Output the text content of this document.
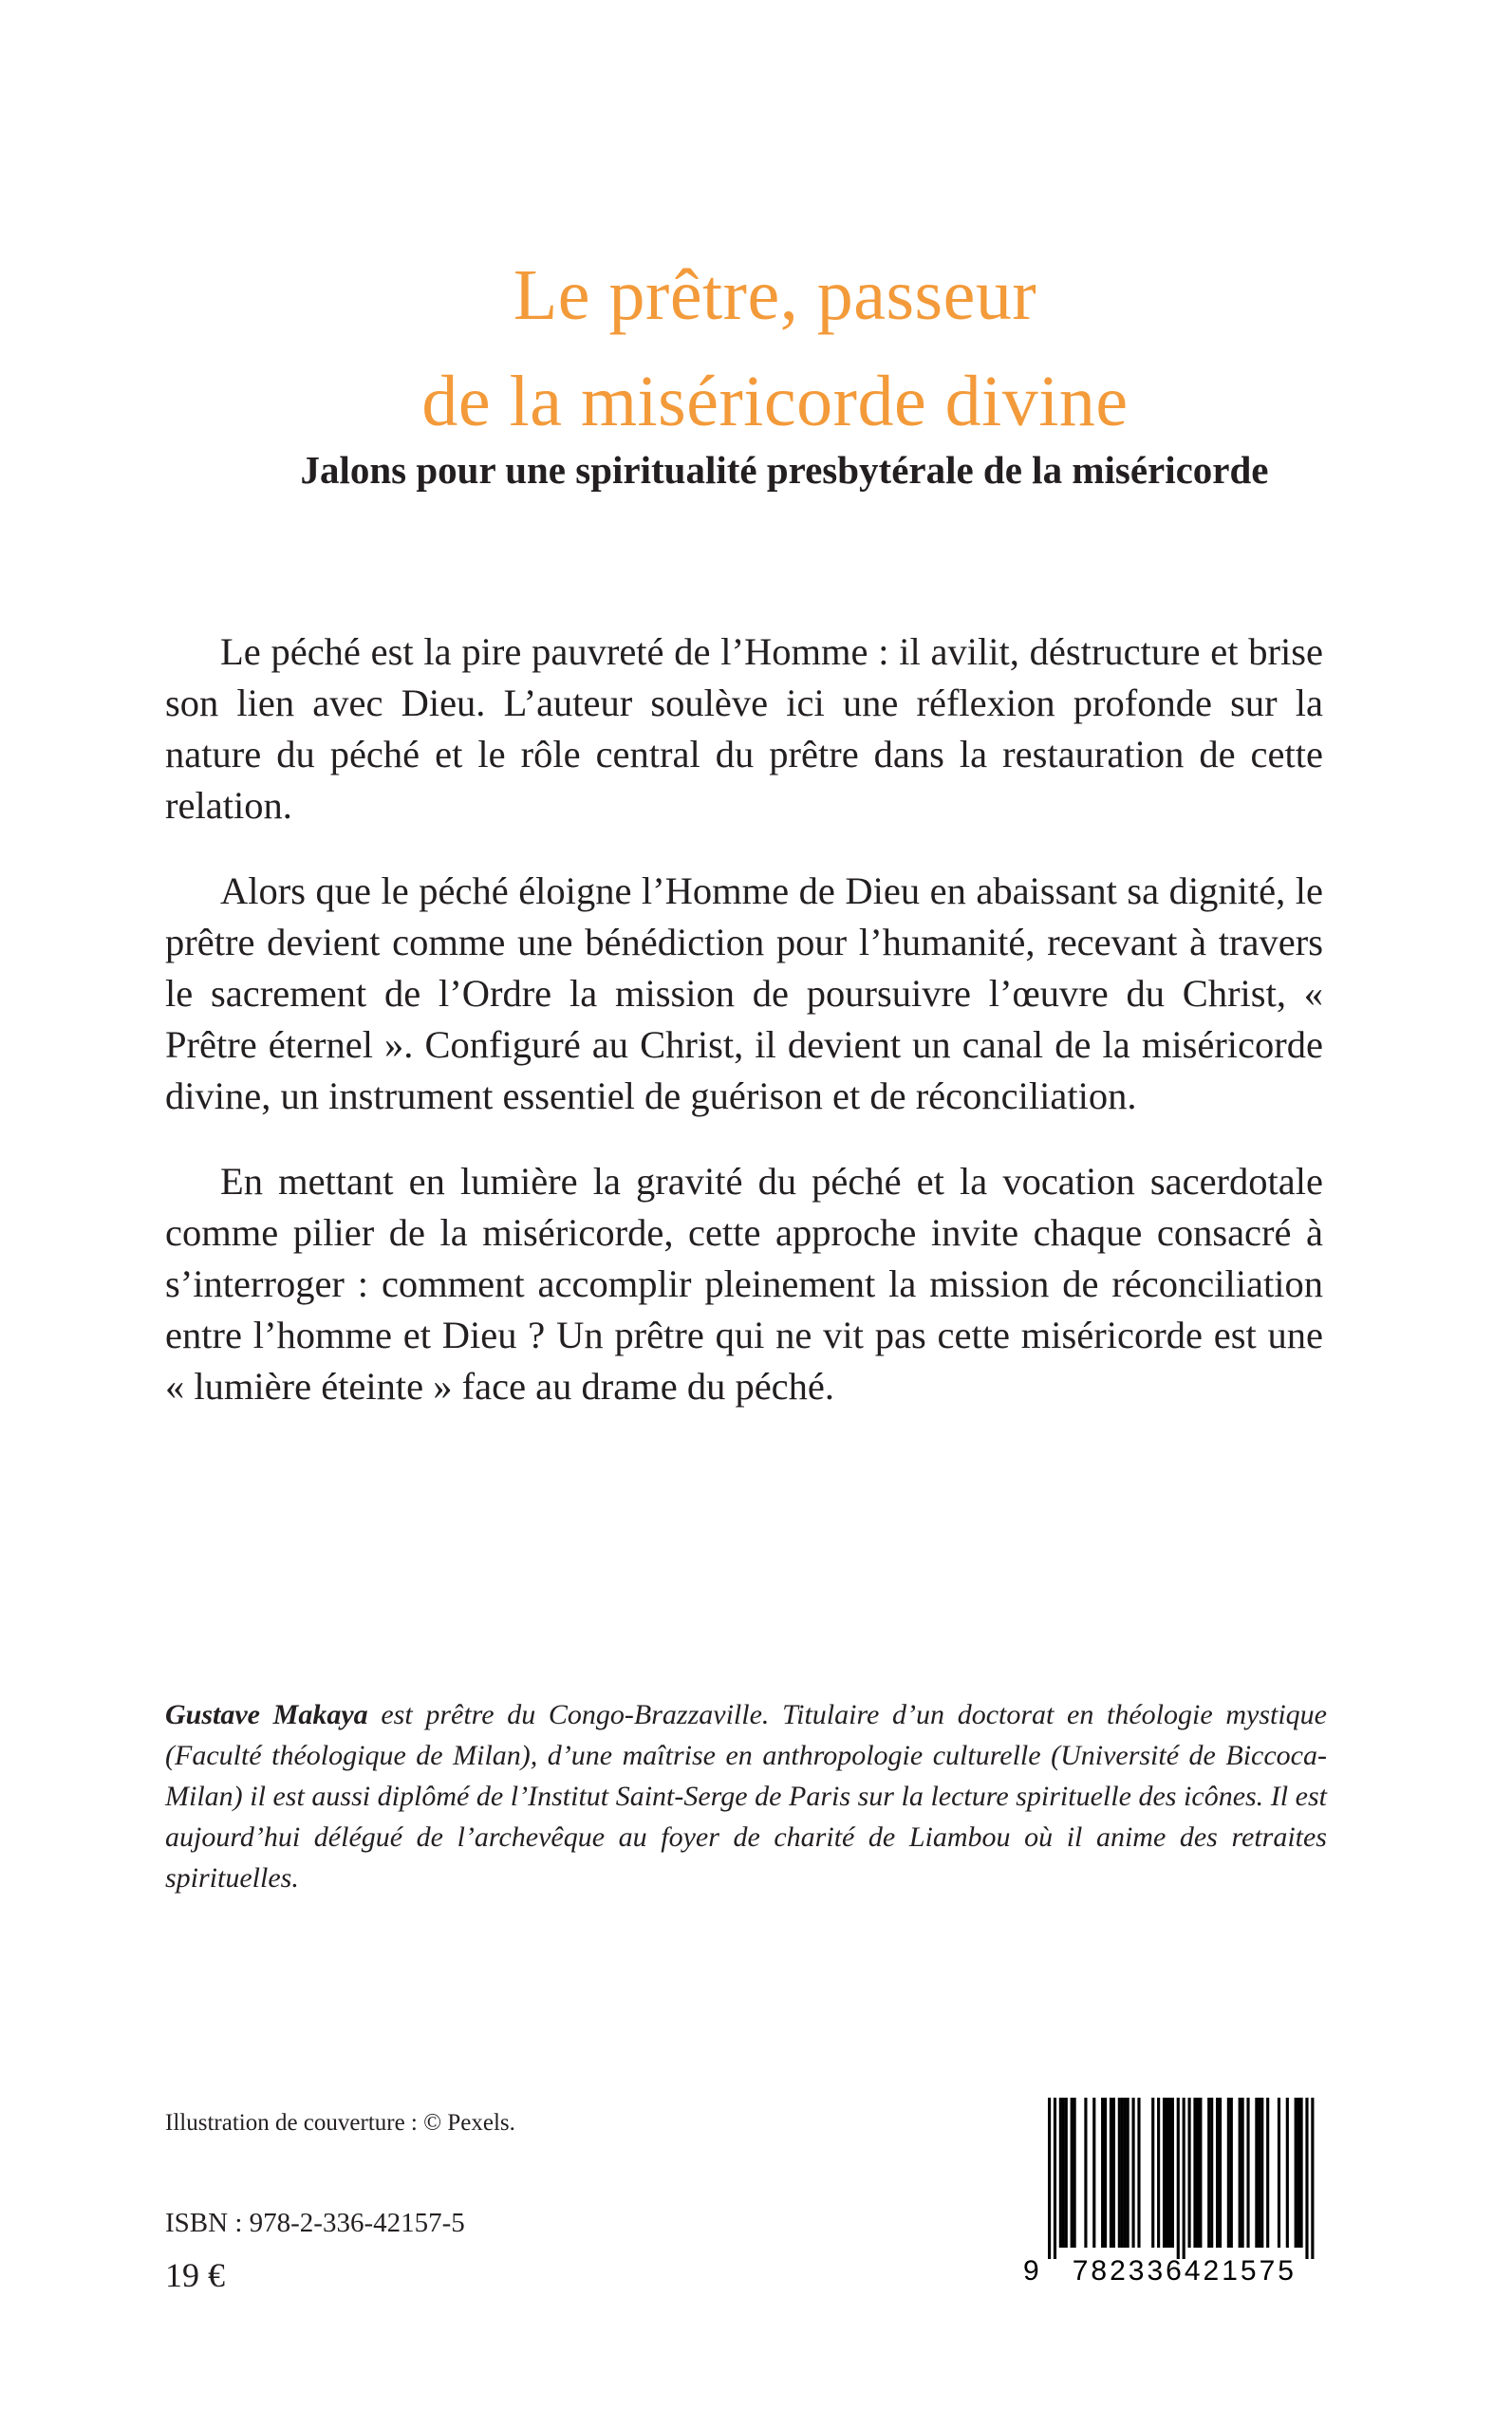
Le prêtre, passeur
de la miséricorde divine
Jalons pour une spiritualité presbytérale de la miséricorde

Le péché est la pire pauvreté de l’Homme : il avilit, déstructure et brise son lien avec Dieu. L’auteur soulève ici une réflexion profonde sur la nature du péché et le rôle central du prêtre dans la restauration de cette relation.

Alors que le péché éloigne l’Homme de Dieu en abaissant sa dignité, le prêtre devient comme une bénédiction pour l’humanité, recevant à travers le sacrement de l’Ordre la mission de poursuivre l’œuvre du Christ, « Prêtre éternel ». Configuré au Christ, il devient un canal de la miséricorde divine, un instrument essentiel de guérison et de réconciliation.

En mettant en lumière la gravité du péché et la vocation sacerdotale comme pilier de la miséricorde, cette approche invite chaque consacré à s’interroger : comment accomplir pleinement la mission de réconciliation entre l’homme et Dieu ? Un prêtre qui ne vit pas cette miséricorde est une « lumière éteinte » face au drame du péché.

Gustave Makaya est prêtre du Congo-Brazzaville. Titulaire d’un doctorat en théologie mystique (Faculté théologique de Milan), d’une maîtrise en anthropologie culturelle (Université de Biccoca-Milan) il est aussi diplômé de l’Institut Saint-Serge de Paris sur la lecture spirituelle des icônes. Il est aujourd’hui délégué de l’archevêque au foyer de charité de Liambou où il anime des retraites spirituelles.

Illustration de couverture : © Pexels.
ISBN : 978-2-336-42157-5
19 €	9	782336421575
